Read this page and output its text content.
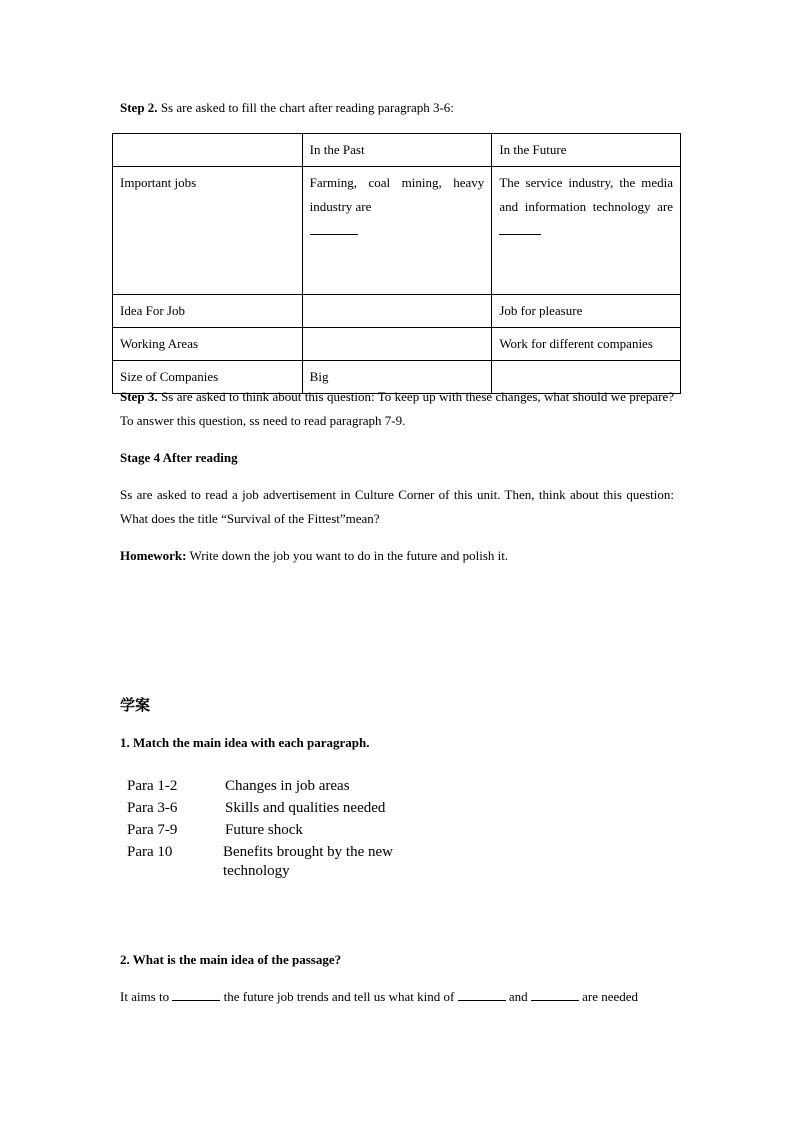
Step 2. Ss are asked to fill the chart after reading paragraph 3-6:
	In the Past	In the Future
Important jobs	Farming, coal mining, heavy industry are	The service industry, the media and information technology are
Idea For Job		Job for pleasure
Working Areas		Work for different companies
Size of Companies	Big	
Step 3. Ss are asked to think about this question: To keep up with these changes, what should we prepare? To answer this question, ss need to read paragraph 7-9.
Stage 4 After reading
Ss are asked to read a job advertisement in Culture Corner of this unit. Then, think about this question: What does the title “Survival of the Fittest”mean?
Homework: Write down the job you want to do in the future and polish it.
学案
1. Match the main idea with each paragraph.
Para 1-2	Changes in job areas
Para 3-6	Skills and qualities needed
Para 7-9	Future shock
Para 10	Benefits brought by the new
technology
2. What is the main idea of the passage?
It aims to	the future job trends and tell us what kind of	and	are needed
